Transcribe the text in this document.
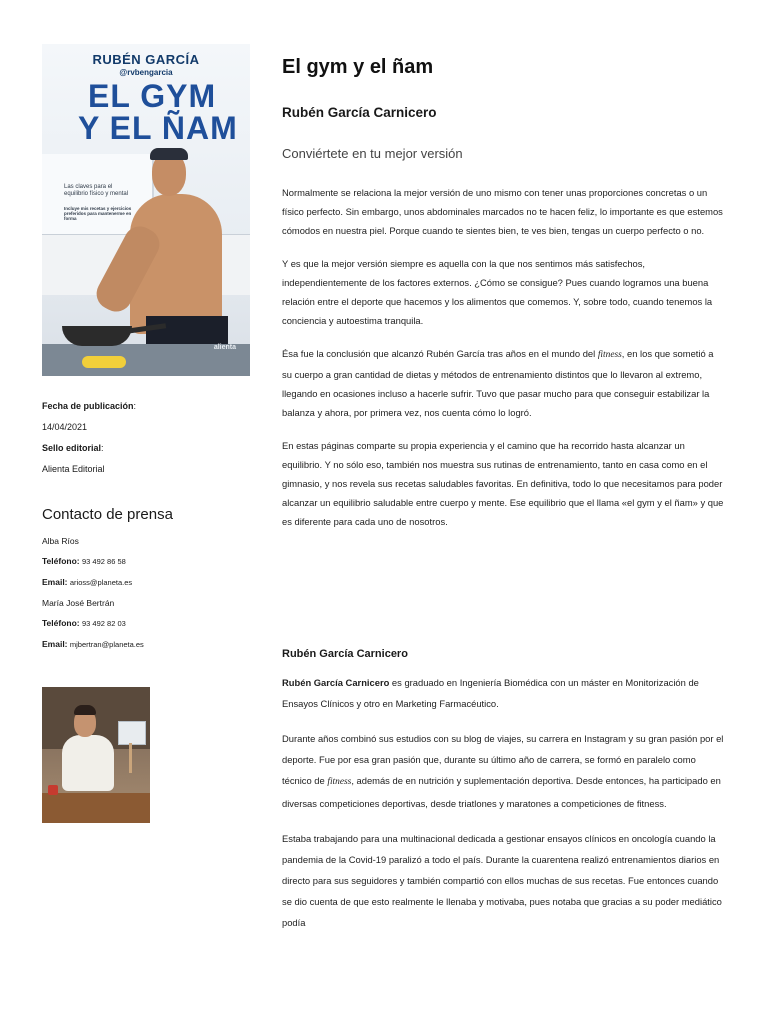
RUBÉN GARCÍA
@rvbengarcia
EL GYM
Y EL ÑAM
Las claves para el equilibrio físico y mental
Incluye mis recetas y ejercicios preferidos para mantenerme en forma
alienta
Fecha de publicación:
14/04/2021
Sello editorial:
Alienta Editorial
Contacto de prensa
Alba Ríos
Teléfono: 93 492 86 58
Email: arioss@planeta.es
María José Bertrán
Teléfono: 93 492 82 03
Email: mjbertran@planeta.es
El gym y el ñam
Rubén García Carnicero
Conviértete en tu mejor versión

Normalmente se relaciona la mejor versión de uno mismo con tener unas proporciones concretas o un físico perfecto. Sin embargo, unos abdominales marcados no te hacen feliz, lo importante es que estemos cómodos en nuestra piel. Porque cuando te sientes bien, te ves bien, tengas un cuerpo perfecto o no.

Y es que la mejor versión siempre es aquella con la que nos sentimos más satisfechos, independientemente de los factores externos. ¿Cómo se consigue? Pues cuando logramos una buena relación entre el deporte que hacemos y los alimentos que comemos. Y, sobre todo, cuando tenemos la conciencia y autoestima tranquila.

Ésa fue la conclusión que alcanzó Rubén García tras años en el mundo del fitness, en los que sometió a su cuerpo a gran cantidad de dietas y métodos de entrenamiento distintos que lo llevaron al extremo, llegando en ocasiones incluso a hacerle sufrir. Tuvo que pasar mucho para que conseguir estabilizar la balanza y ahora, por primera vez, nos cuenta cómo lo logró.

En estas páginas comparte su propia experiencia y el camino que ha recorrido hasta alcanzar un equilibrio. Y no sólo eso, también nos muestra sus rutinas de entrenamiento, tanto en casa como en el gimnasio, y nos revela sus recetas saludables favoritas. En definitiva, todo lo que necesitamos para poder alcanzar un equilibrio saludable entre cuerpo y mente. Ese equilibrio que el llama «el gym y el ñam» y que es diferente para cada uno de nosotros.

Rubén García Carnicero

Rubén García Carnicero es graduado en Ingeniería Biomédica con un máster en Monitorización de Ensayos Clínicos y otro en Marketing Farmacéutico.

Durante años combinó sus estudios con su blog de viajes, su carrera en Instagram y su gran pasión por el deporte. Fue por esa gran pasión que, durante su último año de carrera, se formó en paralelo como técnico de fitness, además de en nutrición y suplementación deportiva. Desde entonces, ha participado en diversas competiciones deportivas, desde triatlones y maratones a competiciones de fitness.

Estaba trabajando para una multinacional dedicada a gestionar ensayos clínicos en oncología cuando la pandemia de la Covid-19 paralizó a todo el país. Durante la cuarentena realizó entrenamientos diarios en directo para sus seguidores y también compartió con ellos muchas de sus recetas. Fue entonces cuando se dio cuenta de que esto realmente le llenaba y motivaba, pues notaba que gracias a su poder mediático podía
